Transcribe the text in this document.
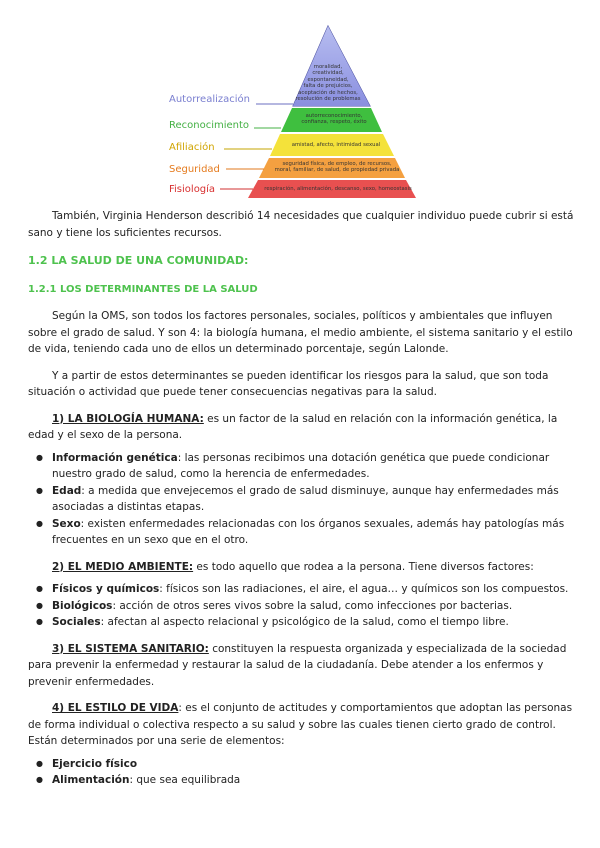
Autorrealización
Reconocimiento
Afiliación
Seguridad
Fisiología
moralidad,
creatividad,
espontaneidad,
falta de prejuicios,
aceptación de hechos,
resolución de problemas
autorreconocimiento,
confianza, respeto, éxito
amistad, afecto, intimidad sexual
seguridad física, de empleo, de recursos,
moral, familiar, de salud, de propiedad privada
respiración, alimentación, descanso, sexo, homeostasis

También, Virginia Henderson describió 14 necesidades que cualquier individuo puede cubrir si está sano y tiene los suficientes recursos.

1.2 LA SALUD DE UNA COMUNIDAD:

1.2.1 LOS DETERMINANTES DE LA SALUD

Según la OMS, son todos los factores personales, sociales, políticos y ambientales que influyen sobre el grado de salud. Y son 4: la biología humana, el medio ambiente, el sistema sanitario y el estilo de vida, teniendo cada uno de ellos un determinado porcentaje, según Lalonde.

Y a partir de estos determinantes se pueden identificar los riesgos para la salud, que son toda situación o actividad que puede tener consecuencias negativas para la salud.

1) LA BIOLOGÍA HUMANA: es un factor de la salud en relación con la información genética, la edad y el sexo de la persona.

● Información genética: las personas recibimos una dotación genética que puede condicionar nuestro grado de salud, como la herencia de enfermedades.
● Edad: a medida que envejecemos el grado de salud disminuye, aunque hay enfermedades más asociadas a distintas etapas.
● Sexo: existen enfermedades relacionadas con los órganos sexuales, además hay patologías más frecuentes en un sexo que en el otro.

2) EL MEDIO AMBIENTE: es todo aquello que rodea a la persona. Tiene diversos factores:

● Físicos y químicos: físicos son las radiaciones, el aire, el agua… y químicos son los compuestos.
● Biológicos: acción de otros seres vivos sobre la salud, como infecciones por bacterias.
● Sociales: afectan al aspecto relacional y psicológico de la salud, como el tiempo libre.

3) EL SISTEMA SANITARIO: constituyen la respuesta organizada y especializada de la sociedad para prevenir la enfermedad y restaurar la salud de la ciudadanía. Debe atender a los enfermos y prevenir enfermedades.

4) EL ESTILO DE VIDA: es el conjunto de actitudes y comportamientos que adoptan las personas de forma individual o colectiva respecto a su salud y sobre las cuales tienen cierto grado de control. Están determinados por una serie de elementos:

● Ejercicio físico
● Alimentación: que sea equilibrada
